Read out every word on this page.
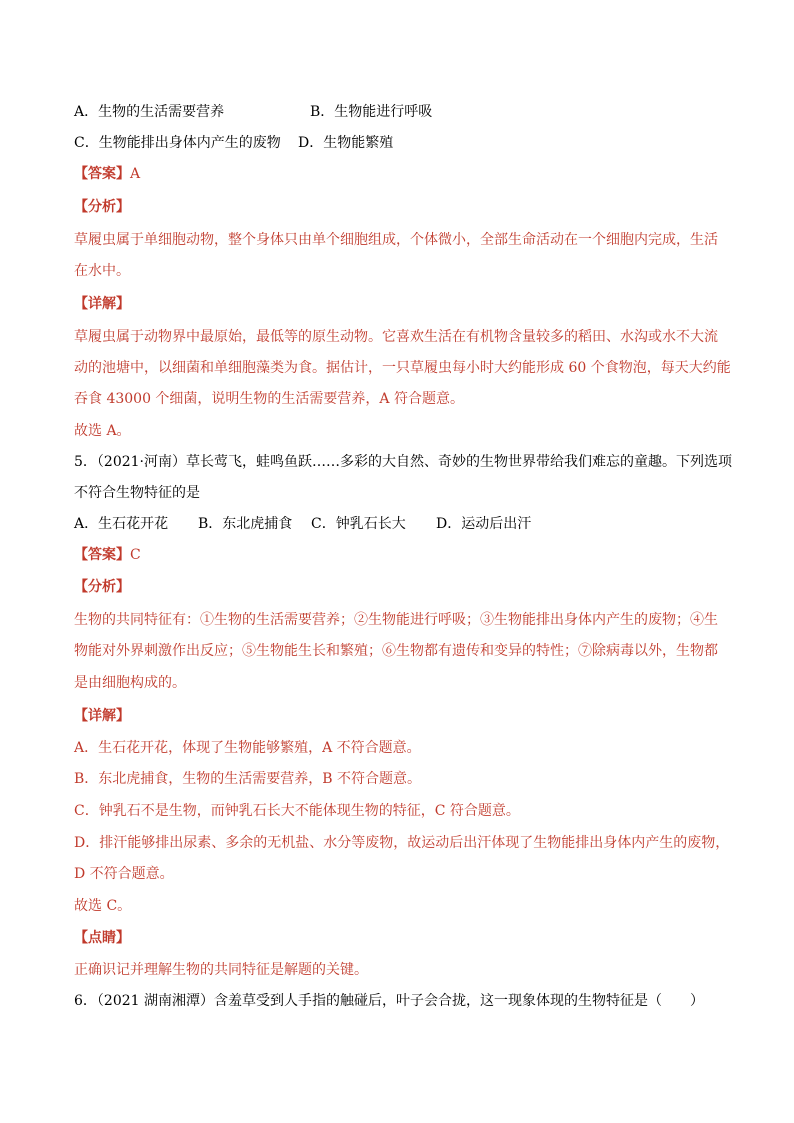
A．生物的生活需要营养	B．生物能进行呼吸
C．生物能排出身体内产生的废物 D．生物能繁殖
【答案】A
【分析】
草履虫属于单细胞动物，整个身体只由单个细胞组成，个体微小，全部生命活动在一个细胞内完成，生活
在水中。
【详解】
草履虫属于动物界中最原始，最低等的原生动物。它喜欢生活在有机物含量较多的稻田、水沟或水不大流
动的池塘中，以细菌和单细胞藻类为食。据估计，一只草履虫每小时大约能形成 60 个食物泡，每天大约能
吞食 43000 个细菌，说明生物的生活需要营养，A 符合题意。
故选 A。
5．（2021·河南）草长莺飞，蛙鸣鱼跃……多彩的大自然、奇妙的生物世界带给我们难忘的童趣。下列选项
不符合生物特征的是
A．生石花开花 B．东北虎捕食 C．钟乳石长大 D．运动后出汗
【答案】C
【分析】
生物的共同特征有：①生物的生活需要营养；②生物能进行呼吸；③生物能排出身体内产生的废物；④生
物能对外界刺激作出反应；⑤生物能生长和繁殖；⑥生物都有遗传和变异的特性；⑦除病毒以外，生物都
是由细胞构成的。
【详解】
A．生石花开花，体现了生物能够繁殖，A 不符合题意。
B．东北虎捕食，生物的生活需要营养，B 不符合题意。
C．钟乳石不是生物，而钟乳石长大不能体现生物的特征，C 符合题意。
D．排汗能够排出尿素、多余的无机盐、水分等废物，故运动后出汗体现了生物能排出身体内产生的废物，
D 不符合题意。
故选 C。
【点睛】
正确识记并理解生物的共同特征是解题的关键。
6．（2021 湖南湘潭）含羞草受到人手指的触碰后，叶子会合拢，这一现象体现的生物特征是（　　）
